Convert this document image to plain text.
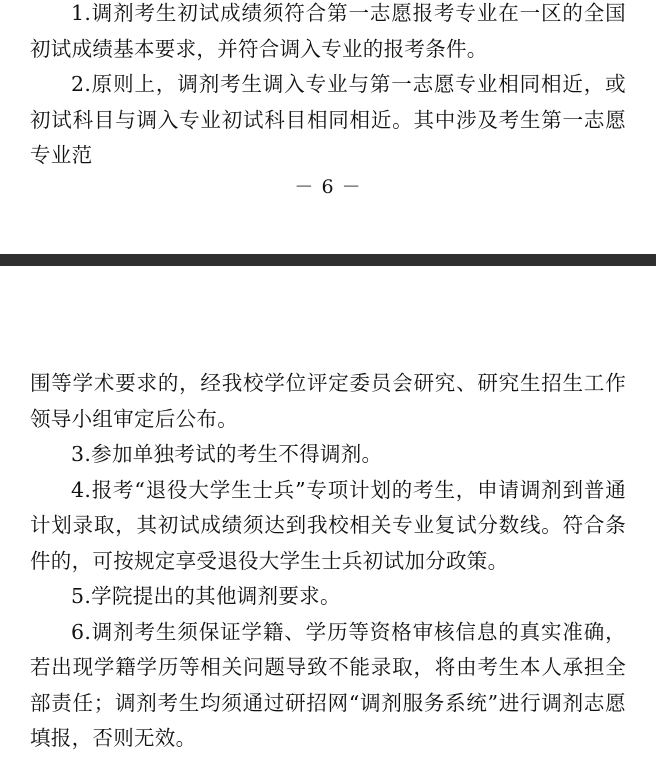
1.调剂考生初试成绩须符合第一志愿报考专业在一区的全国初试成绩基本要求，并符合调入专业的报考条件。

2.原则上，调剂考生调入专业与第一志愿专业相同相近，或初试科目与调入专业初试科目相同相近。其中涉及考生第一志愿专业范

－ 6 －

围等学术要求的，经我校学位评定委员会研究、研究生招生工作领导小组审定后公布。

3.参加单独考试的考生不得调剂。

4.报考“退役大学生士兵”专项计划的考生，申请调剂到普通计划录取，其初试成绩须达到我校相关专业复试分数线。符合条件的，可按规定享受退役大学生士兵初试加分政策。

5.学院提出的其他调剂要求。

6.调剂考生须保证学籍、学历等资格审核信息的真实准确，若出现学籍学历等相关问题导致不能录取，将由考生本人承担全部责任；调剂考生均须通过研招网“调剂服务系统”进行调剂志愿填报，否则无效。
